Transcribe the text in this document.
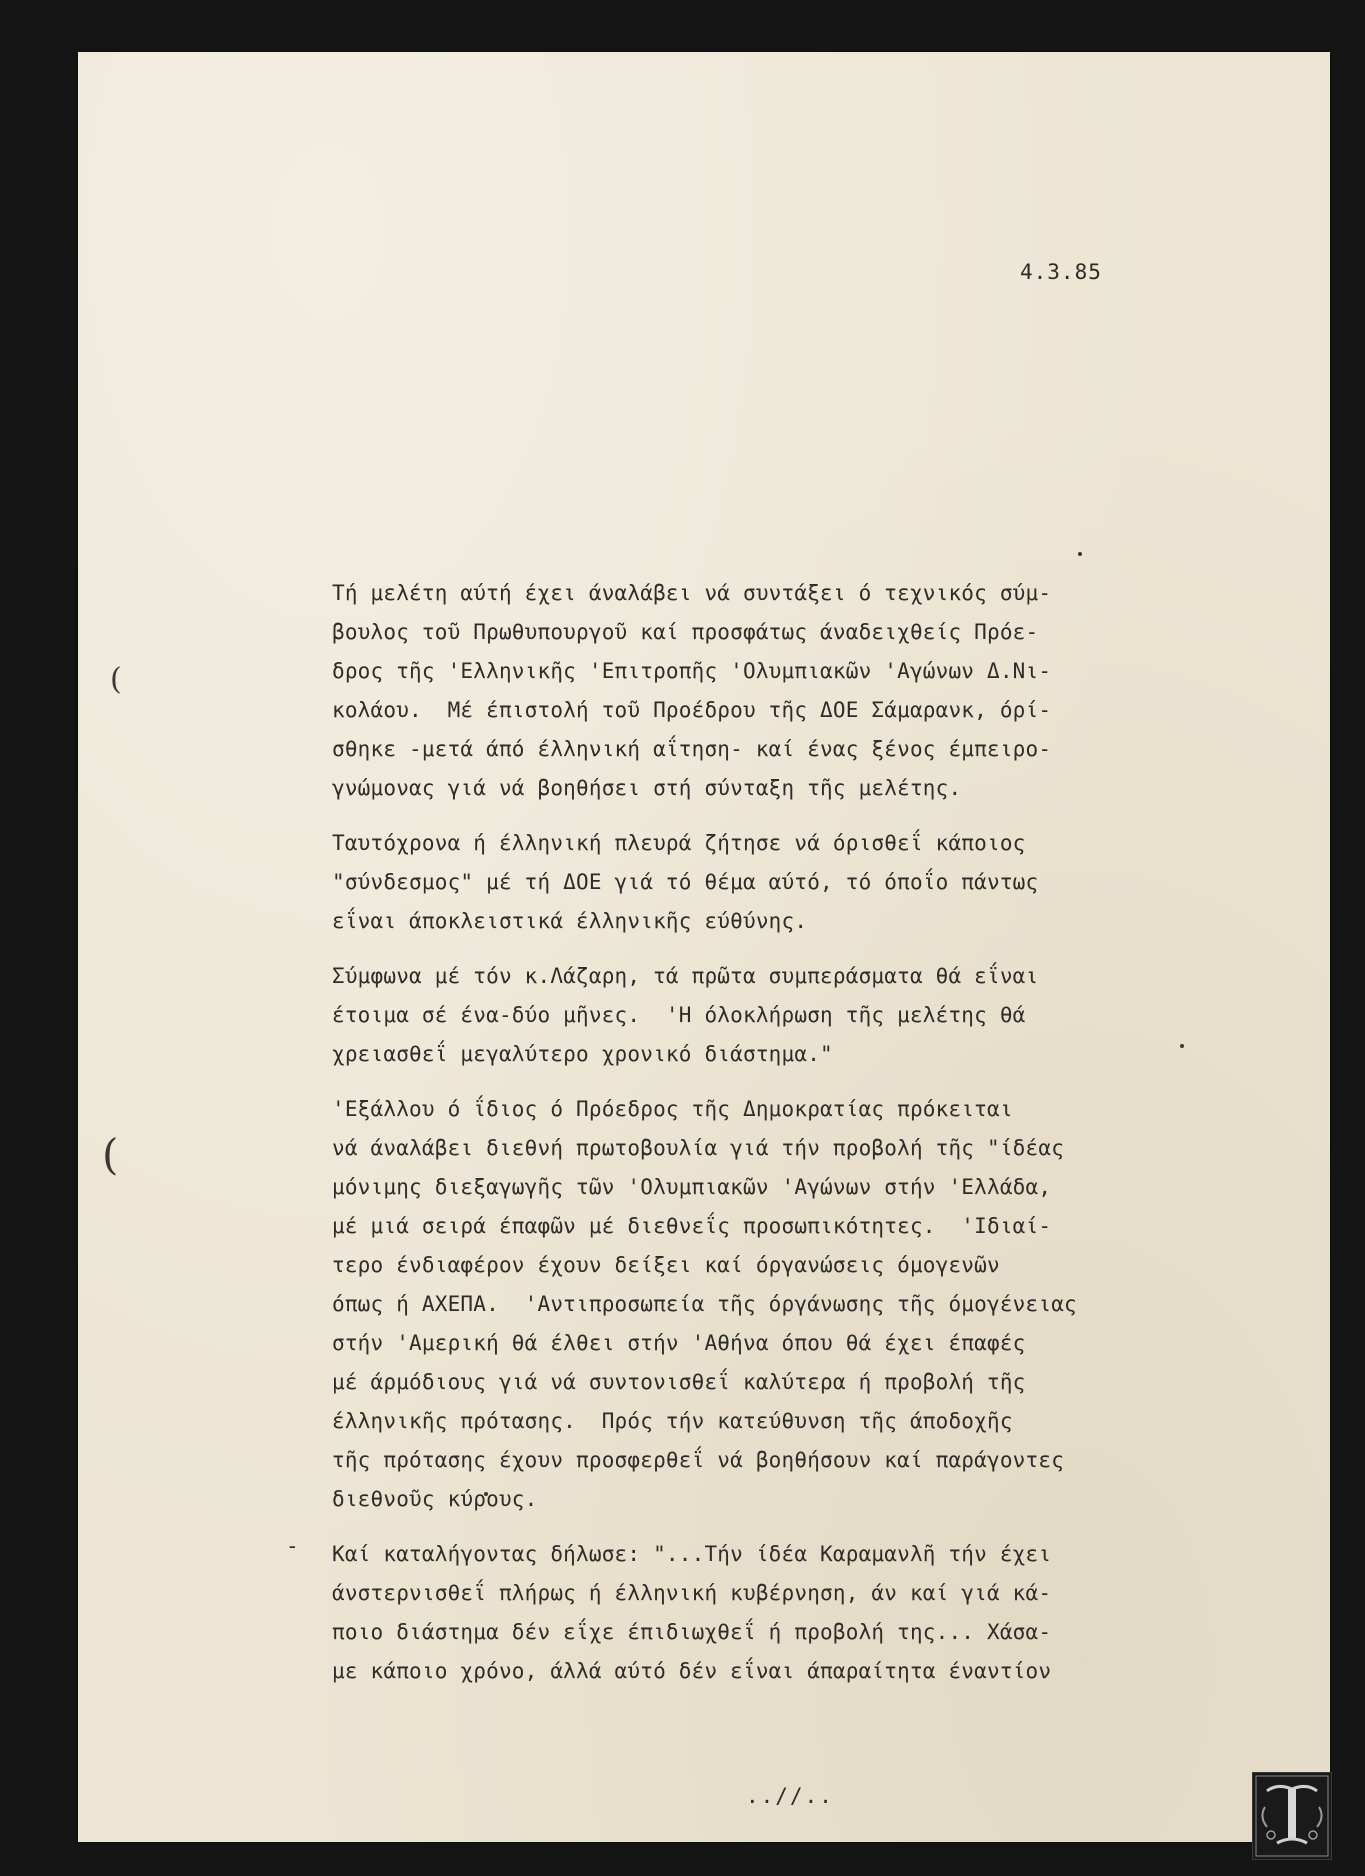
4.3.85
(
(
Τή μελέτη αύτή έχει άναλάβει νά συντάξει ό τεχνικός σύμ-
βουλος τοῦ Πρωθυπουργοῦ καί προσφάτως άναδειχθείς Πρόε-
δρος τῆς 'Ελληνικῆς 'Επιτροπῆς 'Ολυμπιακῶν 'Αγώνων Δ.Νι-
κολάου.  Μέ έπιστολή τοῦ Προέδρου τῆς ΔΟΕ Σάμαρανκ, όρί-
σθηκε -μετά άπό έλληνική αΐτηση- καί ένας ξένος έμπειρο-
γνώμονας γιά νά βοηθήσει στή σύνταξη τῆς μελέτης.
Ταυτόχρονα ή έλληνική πλευρά ζήτησε νά όρισθεΐ κάποιος
"σύνδεσμος" μέ τή ΔΟΕ γιά τό θέμα αύτό, τό όποΐο πάντως
εΐναι άποκλειστικά έλληνικῆς εύθύνης.
Σύμφωνα μέ τόν κ.Λάζαρη, τά πρῶτα συμπεράσματα θά εΐναι
έτοιμα σέ ένα-δύο μῆνες.  'Η όλοκλήρωση τῆς μελέτης θά
χρειασθεΐ μεγαλύτερο χρονικό διάστημα."
'Εξάλλου ό ΐδιος ό Πρόεδρος τῆς Δημοκρατίας πρόκειται
νά άναλάβει διεθνή πρωτοβουλία γιά τήν προβολή τῆς "ίδέας
μόνιμης διεξαγωγῆς τῶν 'Ολυμπιακῶν 'Αγώνων στήν 'Ελλάδα,
μέ μιά σειρά έπαφῶν μέ διεθνεΐς προσωπικότητες.  'Ιδιαί-
τερο ένδιαφέρον έχουν δείξει καί όργανώσεις όμογενῶν
όπως ή ΑΧΕΠΑ.  'Αντιπροσωπεία τῆς όργάνωσης τῆς όμογένειας
στήν 'Αμερική θά έλθει στήν 'Αθήνα όπου θά έχει έπαφές
μέ άρμόδιους γιά νά συντονισθεΐ καλύτερα ή προβολή τῆς
έλληνικῆς πρότασης.  Πρός τήν κατεύθυνση τῆς άποδοχῆς
τῆς πρότασης έχουν προσφερθεΐ νά βοηθήσουν καί παράγοντες
διεθνοῦς κύρους.
Καί καταλήγοντας δήλωσε: "...Τήν ίδέα Καραμανλῆ τήν έχει
άνστερνισθεΐ πλήρως ή έλληνική κυβέρνηση, άν καί γιά κά-
ποιο διάστημα δέν εΐχε έπιδιωχθεΐ ή προβολή της... Χάσα-
με κάποιο χρόνο, άλλά αύτό δέν εΐναι άπαραίτητα έναντίον
-
..//..
